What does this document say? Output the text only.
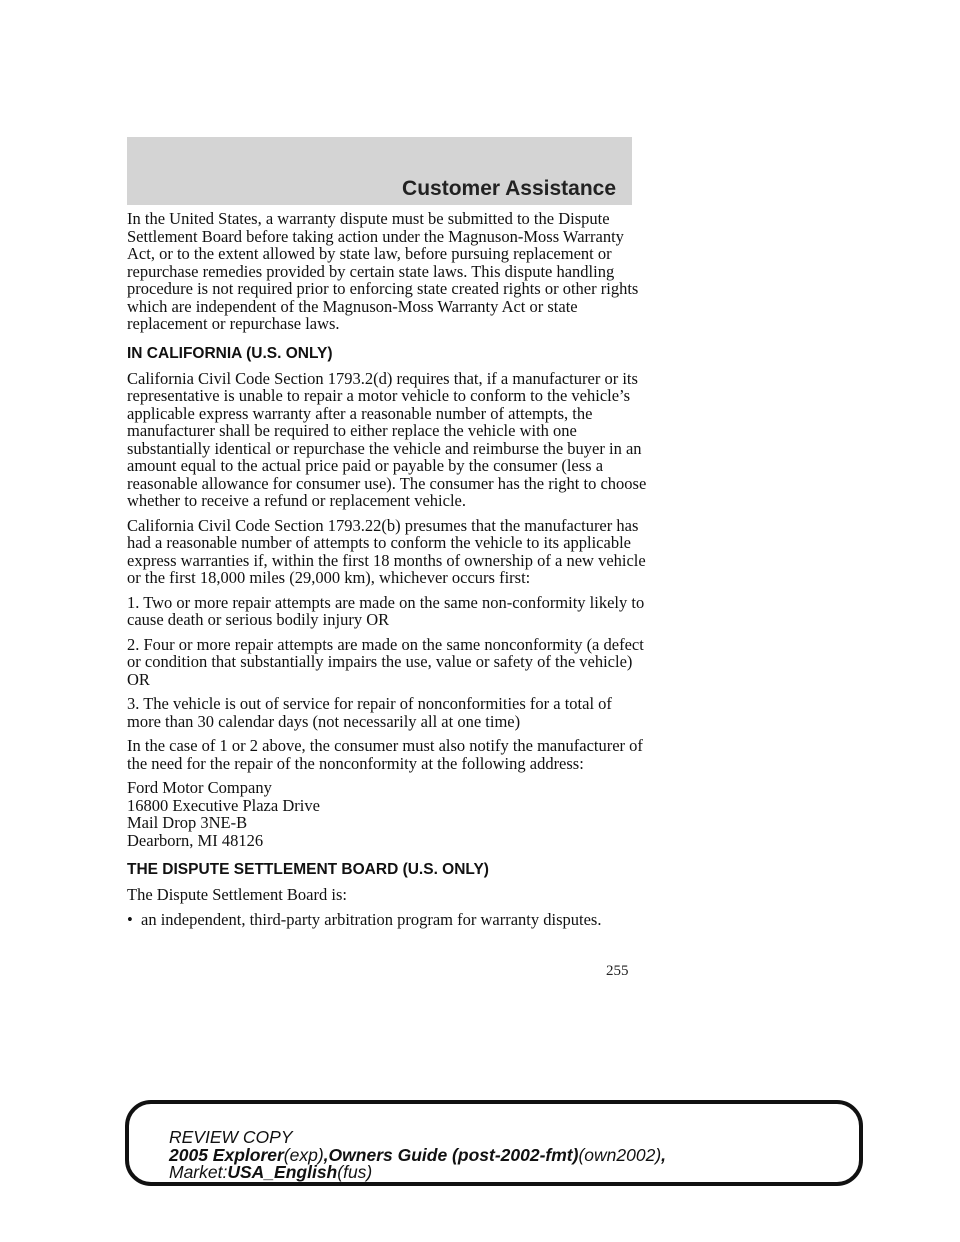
Customer Assistance

In the United States, a warranty dispute must be submitted to the Dispute Settlement Board before taking action under the Magnuson-Moss Warranty Act, or to the extent allowed by state law, before pursuing replacement or repurchase remedies provided by certain state laws. This dispute handling procedure is not required prior to enforcing state created rights or other rights which are independent of the Magnuson-Moss Warranty Act or state replacement or repurchase laws.

IN CALIFORNIA (U.S. ONLY)

California Civil Code Section 1793.2(d) requires that, if a manufacturer or its representative is unable to repair a motor vehicle to conform to the vehicle’s applicable express warranty after a reasonable number of attempts, the manufacturer shall be required to either replace the vehicle with one substantially identical or repurchase the vehicle and reimburse the buyer in an amount equal to the actual price paid or payable by the consumer (less a reasonable allowance for consumer use). The consumer has the right to choose whether to receive a refund or replacement vehicle.

California Civil Code Section 1793.22(b) presumes that the manufacturer has had a reasonable number of attempts to conform the vehicle to its applicable express warranties if, within the first 18 months of ownership of a new vehicle or the first 18,000 miles (29,000 km), whichever occurs first:

1. Two or more repair attempts are made on the same non-conformity likely to cause death or serious bodily injury OR

2. Four or more repair attempts are made on the same nonconformity (a defect or condition that substantially impairs the use, value or safety of the vehicle) OR

3. The vehicle is out of service for repair of nonconformities for a total of more than 30 calendar days (not necessarily all at one time)

In the case of 1 or 2 above, the consumer must also notify the manufacturer of the need for the repair of the nonconformity at the following address:

Ford Motor Company
16800 Executive Plaza Drive
Mail Drop 3NE-B
Dearborn, MI 48126
THE DISPUTE SETTLEMENT BOARD (U.S. ONLY)

The Dispute Settlement Board is:

• an independent, third-party arbitration program for warranty disputes.
255
REVIEW COPY
2005 Explorer(exp),Owners Guide (post-2002-fmt)(own2002),
Market:USA_English(fus)
